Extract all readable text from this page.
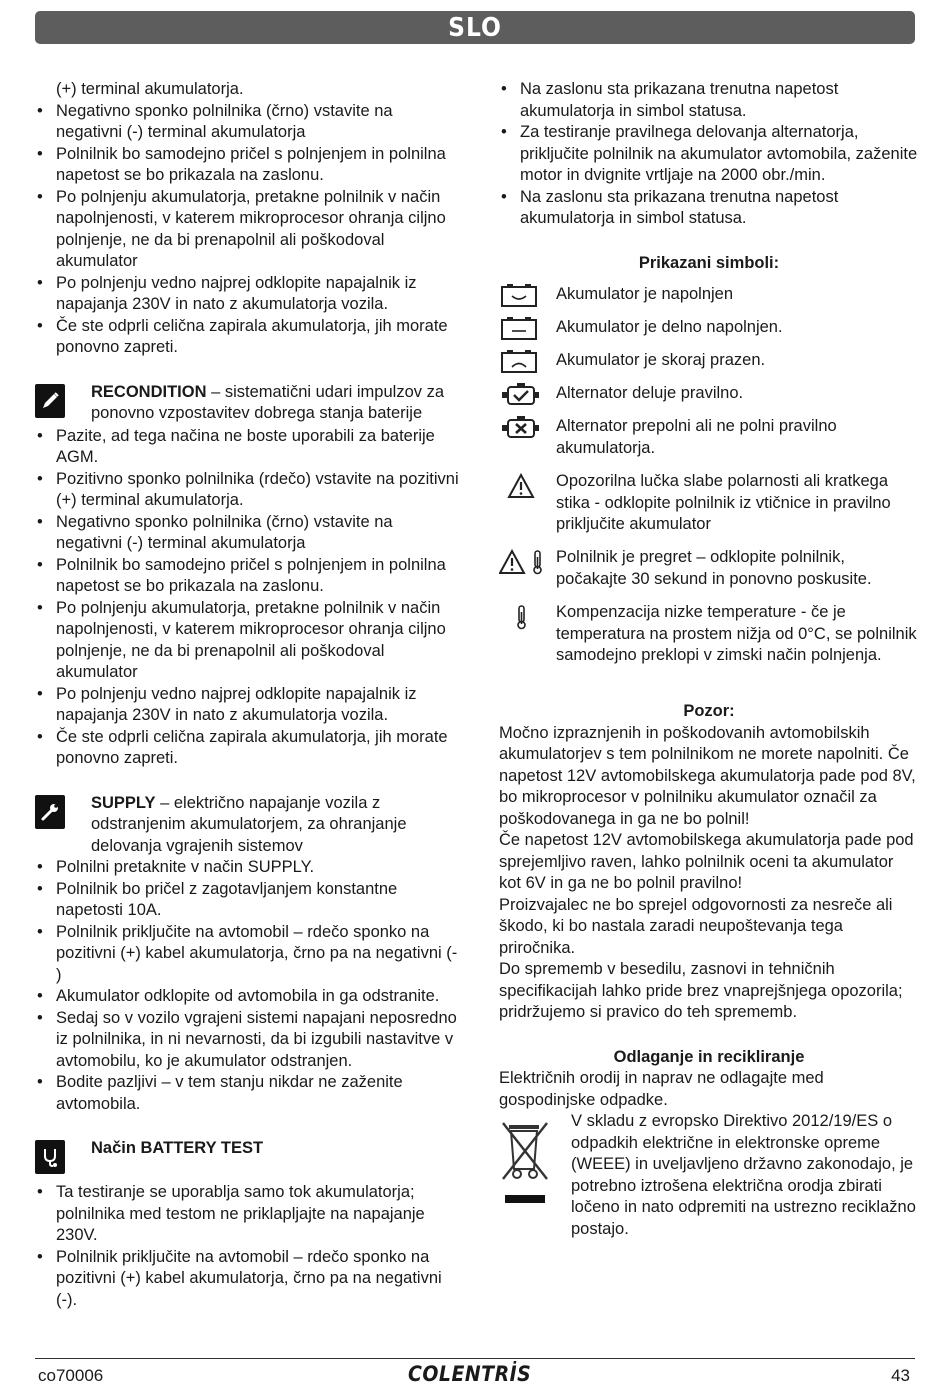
SLO

(+) terminal akumulatorja.

• Negativno sponko polnilnika (črno) vstavite na negativni (-) terminal akumulatorja
• Polnilnik bo samodejno pričel s polnjenjem in polnilna napetost se bo prikazala na zaslonu.
• Po polnjenju akumulatorja, pretakne polnilnik v način napolnjenosti, v katerem mikroprocesor ohranja ciljno polnjenje, ne da bi prenapolnil ali poškodoval akumulator
• Po polnjenju vedno najprej odklopite napajalnik iz napajanja 230V in nato z akumulatorja vozila.
• Če ste odprli celična zapirala akumulatorja, jih morate ponovno zapreti.
RECONDITION – sistematični udari impulzov za ponovno vzpostavitev dobrega stanja baterije
• Pazite, ad tega načina ne boste uporabili za baterije AGM.
• Pozitivno sponko polnilnika (rdečo) vstavite na pozitivni (+) terminal akumulatorja.
• Negativno sponko polnilnika (črno) vstavite na negativni (-) terminal akumulatorja
• Polnilnik bo samodejno pričel s polnjenjem in polnilna napetost se bo prikazala na zaslonu.
• Po polnjenju akumulatorja, pretakne polnilnik v način napolnjenosti, v katerem mikroprocesor ohranja ciljno polnjenje, ne da bi prenapolnil ali poškodoval akumulator
• Po polnjenju vedno najprej odklopite napajalnik iz napajanja 230V in nato z akumulatorja vozila.
• Če ste odprli celična zapirala akumulatorja, jih morate ponovno zapreti.
SUPPLY – električno napajanje vozila z odstranjenim akumulatorjem, za ohranjanje delovanja vgrajenih sistemov
• Polnilni pretaknite v način SUPPLY.
• Polnilnik bo pričel z zagotavljanjem konstantne napetosti 10A.
• Polnilnik priključite na avtomobil – rdečo sponko na pozitivni (+) kabel akumulatorja, črno pa na negativni (- )
• Akumulator odklopite od avtomobila in ga odstranite.
• Sedaj so v vozilo vgrajeni sistemi napajani neposredno iz polnilnika, in ni nevarnosti, da bi izgubili nastavitve v avtomobilu, ko je akumulator odstranjen.
• Bodite pazljivi – v tem stanju nikdar ne zaženite avtomobila.
Način BATTERY TEST
• Ta testiranje se uporablja samo tok akumulatorja; polnilnika med testom ne priklapljajte na napajanje 230V.
• Polnilnik priključite na avtomobil – rdečo sponko na pozitivni (+) kabel akumulatorja, črno pa na negativni (-).
• Na zaslonu sta prikazana trenutna napetost akumulatorja in simbol statusa.
• Za testiranje pravilnega delovanja alternatorja, priključite polnilnik na akumulator avtomobila, zaženite motor in dvignite vrtljaje na 2000 obr./min.
• Na zaslonu sta prikazana trenutna napetost akumulatorja in simbol statusa.

Prikazani simboli:

Akumulator je napolnjen
Akumulator je delno napolnjen.
Akumulator je skoraj prazen.
Alternator deluje pravilno.
Alternator prepolni ali ne polni pravilno akumulatorja.
Opozorilna lučka slabe polarnosti ali kratkega stika - odklopite polnilnik iz vtičnice in pravilno priključite akumulator
Polnilnik je pregret – odklopite polnilnik, počakajte 30 sekund in ponovno poskusite.
Kompenzacija nizke temperature - če je temperatura na prostem nižja od 0°C, se polnilnik samodejno preklopi v zimski način polnjenja.

Pozor:

Močno izpraznjenih in poškodovanih avtomobilskih akumulatorjev s tem polnilnikom ne morete napolniti. Če napetost 12V avtomobilskega akumulatorja pade pod 8V, bo mikroprocesor v polnilniku akumulator označil za poškodovanega in ga ne bo polnil!

Če napetost 12V avtomobilskega akumulatorja pade pod sprejemljivo raven, lahko polnilnik oceni ta akumulator kot 6V in ga ne bo polnil pravilno!

Proizvajalec ne bo sprejel odgovornosti za nesreče ali škodo, ki bo nastala zaradi neupoštevanja tega priročnika.

Do sprememb v besedilu, zasnovi in tehničnih specifikacijah lahko pride brez vnaprejšnjega opozorila; pridržujemo si pravico do teh sprememb.

Odlaganje in recikliranje

Električnih orodij in naprav ne odlagajte med gospodinjske odpadke.

V skladu z evropsko Direktivo 2012/19/ES o odpadkih električne in elektronske opreme (WEEE) in uveljavljeno državno zakonodajo, je potrebno iztrošena električna orodja zbirati ločeno in nato odpremiti na ustrezno reciklažno postajo.

co70006	COLENTRİS	43
